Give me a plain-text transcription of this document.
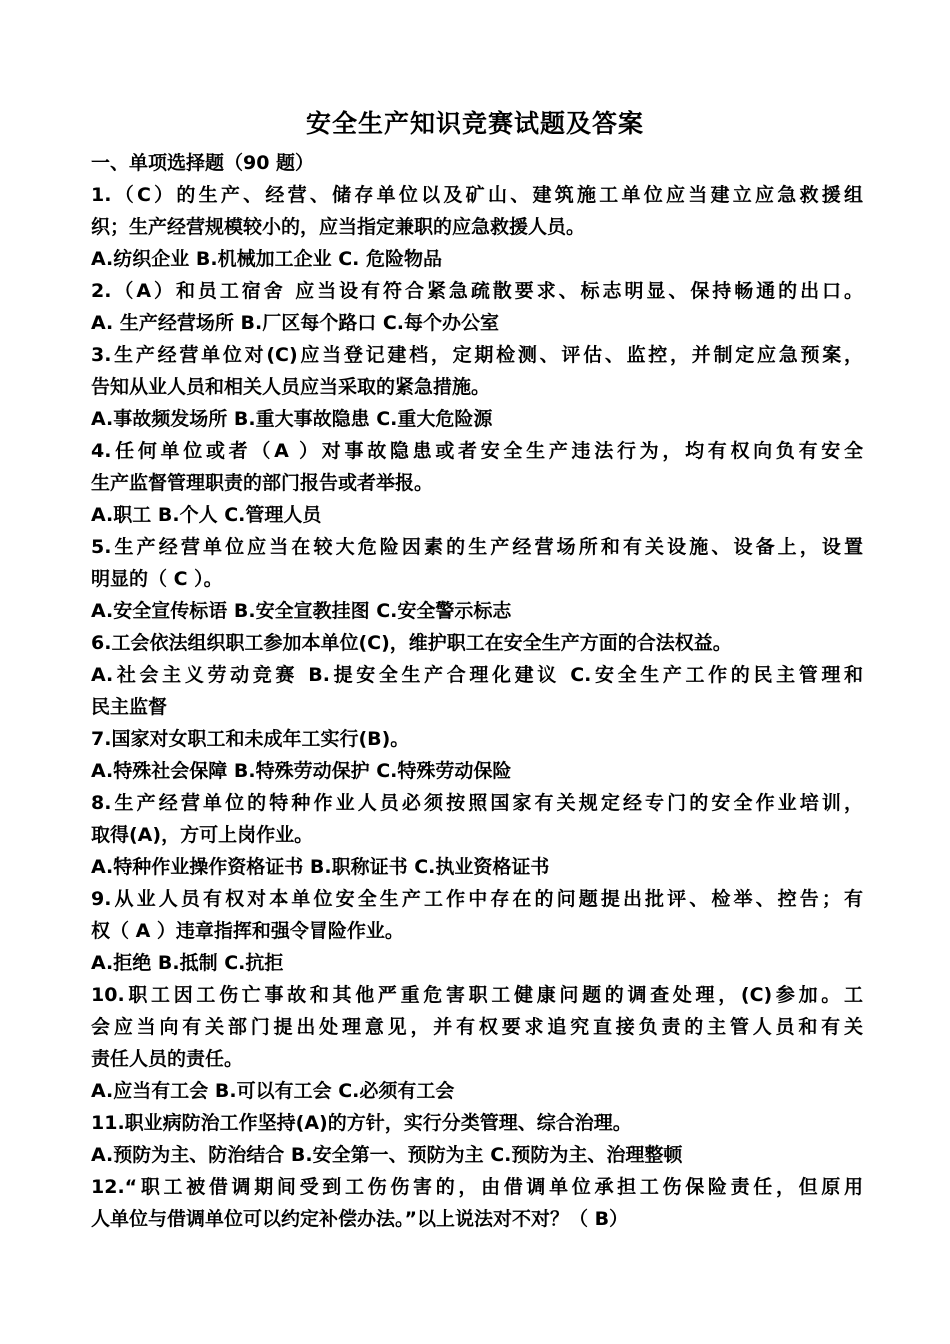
安全生产知识竞赛试题及答案
一、单项选择题（90 题）
1.（C）的生产、经营、储存单位以及矿山、建筑施工单位应当建立应急救援组
织；生产经营规模较小的，应当指定兼职的应急救援人员。
A.纺织企业 B.机械加工企业 C. 危险物品
2.（A）和员工宿舍 应当设有符合紧急疏散要求、标志明显、保持畅通的出口。
A. 生产经营场所 B.厂区每个路口 C.每个办公室
3.生产经营单位对(C)应当登记建档，定期检测、评估、监控，并制定应急预案，
告知从业人员和相关人员应当采取的紧急措施。
A.事故频发场所 B.重大事故隐患 C.重大危险源
4.任何单位或者（A ）对事故隐患或者安全生产违法行为，均有权向负有安全
生产监督管理职责的部门报告或者举报。
A.职工 B.个人 C.管理人员
5.生产经营单位应当在较大危险因素的生产经营场所和有关设施、设备上，设置
明显的（ C ）。
A.安全宣传标语 B.安全宣教挂图 C.安全警示标志
6.工会依法组织职工参加本单位(C)，维护职工在安全生产方面的合法权益。
A.社会主义劳动竞赛 B.提安全生产合理化建议 C.安全生产工作的民主管理和
民主监督
7.国家对女职工和未成年工实行(B)。
A.特殊社会保障 B.特殊劳动保护 C.特殊劳动保险
8.生产经营单位的特种作业人员必须按照国家有关规定经专门的安全作业培训，
取得(A)，方可上岗作业。
A.特种作业操作资格证书 B.职称证书 C.执业资格证书
9.从业人员有权对本单位安全生产工作中存在的问题提出批评、检举、控告；有
权（ A ）违章指挥和强令冒险作业。
A.拒绝 B.抵制 C.抗拒
10.职工因工伤亡事故和其他严重危害职工健康问题的调查处理，(C)参加。工
会应当向有关部门提出处理意见，并有权要求追究直接负责的主管人员和有关
责任人员的责任。
A.应当有工会 B.可以有工会 C.必须有工会
11.职业病防治工作坚持(A)的方针，实行分类管理、综合治理。
A.预防为主、防治结合 B.安全第一、预防为主 C.预防为主、治理整顿
12.“职工被借调期间受到工伤伤害的，由借调单位承担工伤保险责任，但原用
人单位与借调单位可以约定补偿办法。”以上说法对不对？（ B）
